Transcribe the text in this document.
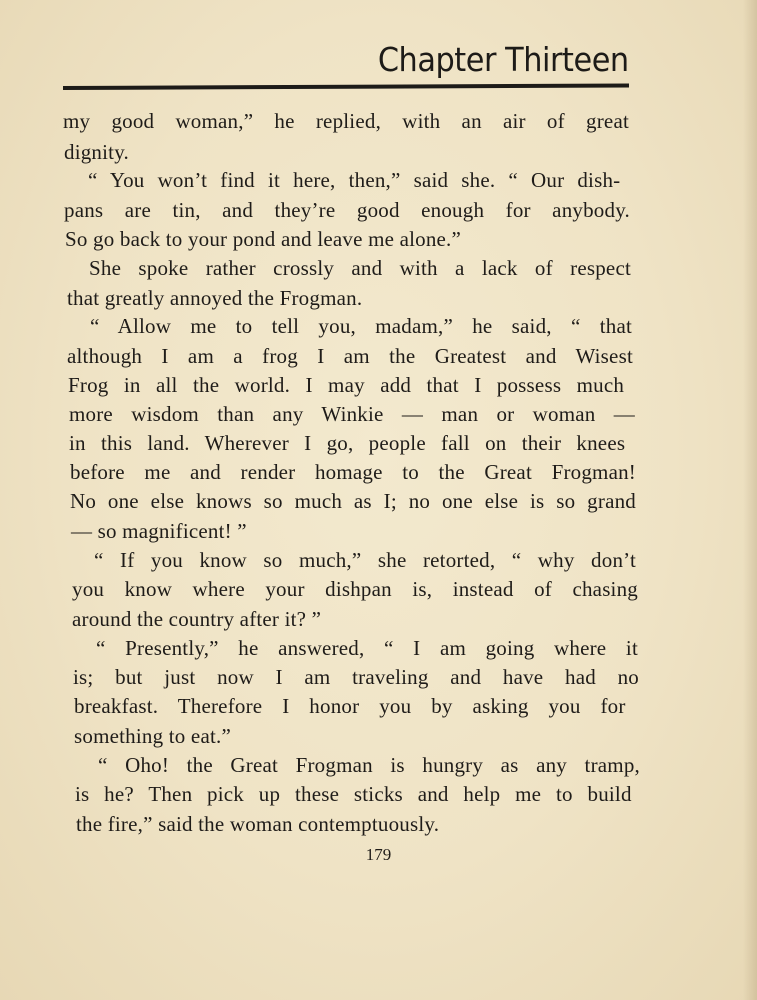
Chapter Thirteen
my good woman,” he replied, with an air of great
dignity.
“ You won’t find it here, then,” said she. “ Our dish-
pans are tin, and they’re good enough for anybody.
So go back to your pond and leave me alone.”
She spoke rather crossly and with a lack of respect
that greatly annoyed the Frogman.
“ Allow me to tell you, madam,” he said, “ that
although I am a frog I am the Greatest and Wisest
Frog in all the world. I may add that I possess much
more wisdom than any Winkie — man or woman —
in this land. Wherever I go, people fall on their knees
before me and render homage to the Great Frogman!
No one else knows so much as I; no one else is so grand
— so magnificent! ”
“ If you know so much,” she retorted, “ why don’t
you know where your dishpan is, instead of chasing
around the country after it? ”
“ Presently,” he answered, “ I am going where it
is; but just now I am traveling and have had no
breakfast. Therefore I honor you by asking you for
something to eat.”
“ Oho! the Great Frogman is hungry as any tramp,
is he? Then pick up these sticks and help me to build
the fire,” said the woman contemptuously.
179
